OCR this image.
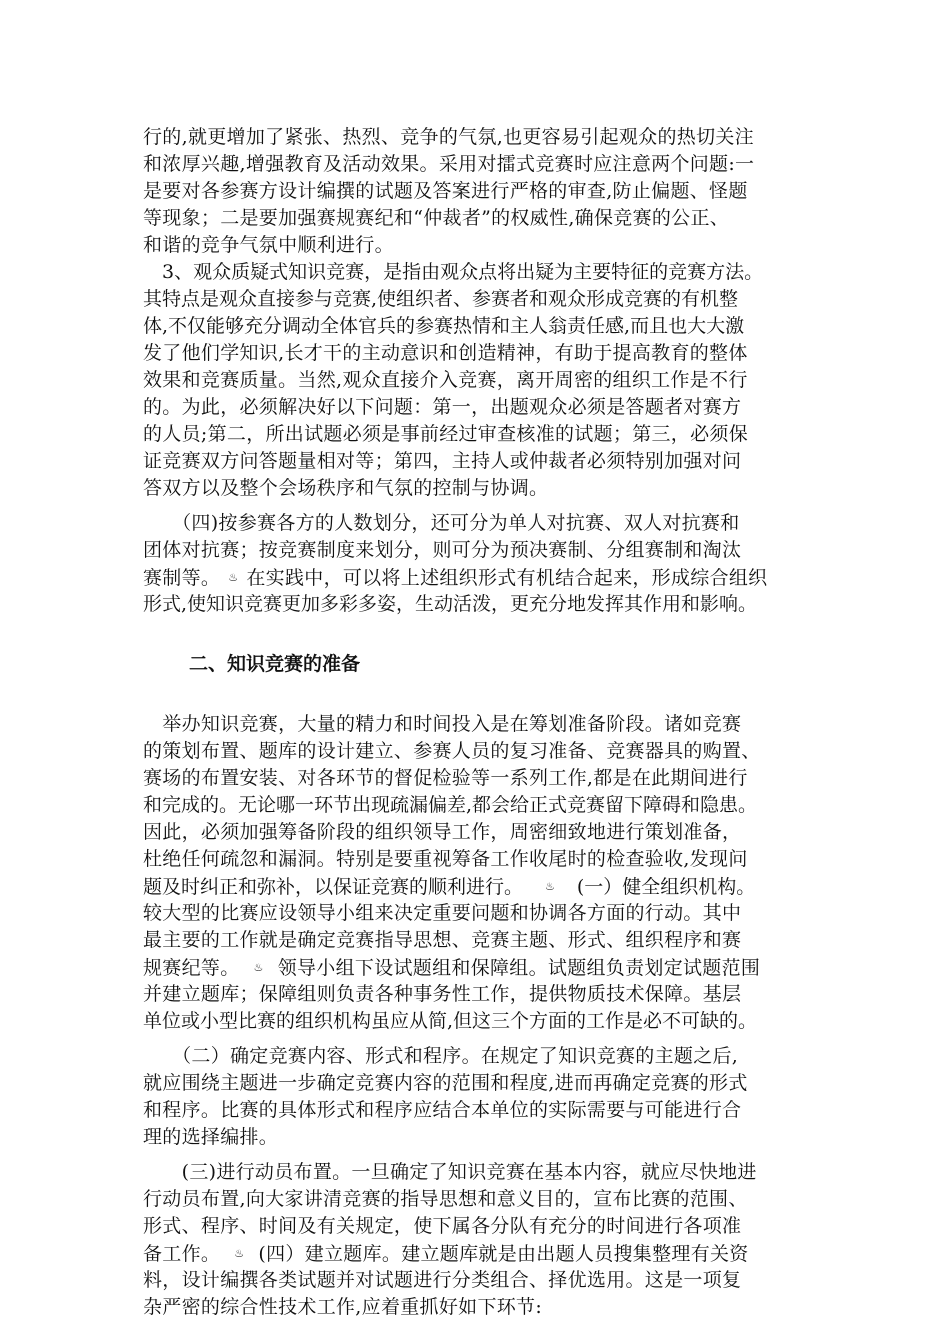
行的,就更增加了紧张、热烈、竞争的气氛,也更容易引起观众的热切关注
和浓厚兴趣,增强教育及活动效果。采用对擂式竞赛时应注意两个问题:一
是要对各参赛方设计编撰的试题及答案进行严格的审查,防止偏题、怪题
等现象；二是要加强赛规赛纪和“仲裁者”的权威性,确保竞赛的公正、
和谐的竞争气氛中顺利进行。
　3、观众质疑式知识竞赛，是指由观众点将出疑为主要特征的竞赛方法。
其特点是观众直接参与竞赛,使组织者、参赛者和观众形成竞赛的有机整
体,不仅能够充分调动全体官兵的参赛热情和主人翁责任感,而且也大大激
发了他们学知识,长才干的主动意识和创造精神，有助于提高教育的整体
效果和竞赛质量。当然,观众直接介入竞赛，离开周密的组织工作是不行
的。为此，必须解决好以下问题：第一，出题观众必须是答题者对赛方
的人员;第二，所出试题必须是事前经过审查核准的试题；第三，必须保
证竞赛双方问答题量相对等；第四，主持人或仲裁者必须特别加强对问
答双方以及整个会场秩序和气氛的控制与协调。
　　（四)按参赛各方的人数划分，还可分为单人对抗赛、双人对抗赛和
团体对抗赛；按竞赛制度来划分，则可分为预决赛制、分组赛制和淘汰
赛制等。 ♨ 在实践中，可以将上述组织形式有机结合起来，形成综合组织
形式,使知识竞赛更加多彩多姿，生动活泼，更充分地发挥其作用和影响。
二、知识竞赛的准备
　举办知识竞赛，大量的精力和时间投入是在筹划准备阶段。诸如竞赛
的策划布置、题库的设计建立、参赛人员的复习准备、竞赛器具的购置、
赛场的布置安装、对各环节的督促检验等一系列工作,都是在此期间进行
和完成的。无论哪一环节出现疏漏偏差,都会给正式竞赛留下障碍和隐患。
因此，必须加强筹备阶段的组织领导工作，周密细致地进行策划准备，
杜绝任何疏忽和漏洞。特别是要重视筹备工作收尾时的检查验收,发现问
题及时纠正和弥补，以保证竞赛的顺利进行。 ♨ (一）健全组织机构。
较大型的比赛应设领导小组来决定重要问题和协调各方面的行动。其中
最主要的工作就是确定竞赛指导思想、竞赛主题、形式、组织程序和赛
规赛纪等。 ♨ 领导小组下设试题组和保障组。试题组负责划定试题范围
并建立题库；保障组则负责各种事务性工作，提供物质技术保障。基层
单位或小型比赛的组织机构虽应从简,但这三个方面的工作是必不可缺的。
　　（二）确定竞赛内容、形式和程序。在规定了知识竞赛的主题之后,
就应围绕主题进一步确定竞赛内容的范围和程度,进而再确定竞赛的形式
和程序。比赛的具体形式和程序应结合本单位的实际需要与可能进行合
理的选择编排。
　　(三)进行动员布置。一旦确定了知识竞赛在基本内容，就应尽快地进
行动员布置,向大家讲清竞赛的指导思想和意义目的，宣布比赛的范围、
形式、程序、时间及有关规定，使下属各分队有充分的时间进行各项准
备工作。 ♨ (四）建立题库。建立题库就是由出题人员搜集整理有关资
料，设计编撰各类试题并对试题进行分类组合、择优选用。这是一项复
杂严密的综合性技术工作,应着重抓好如下环节:
